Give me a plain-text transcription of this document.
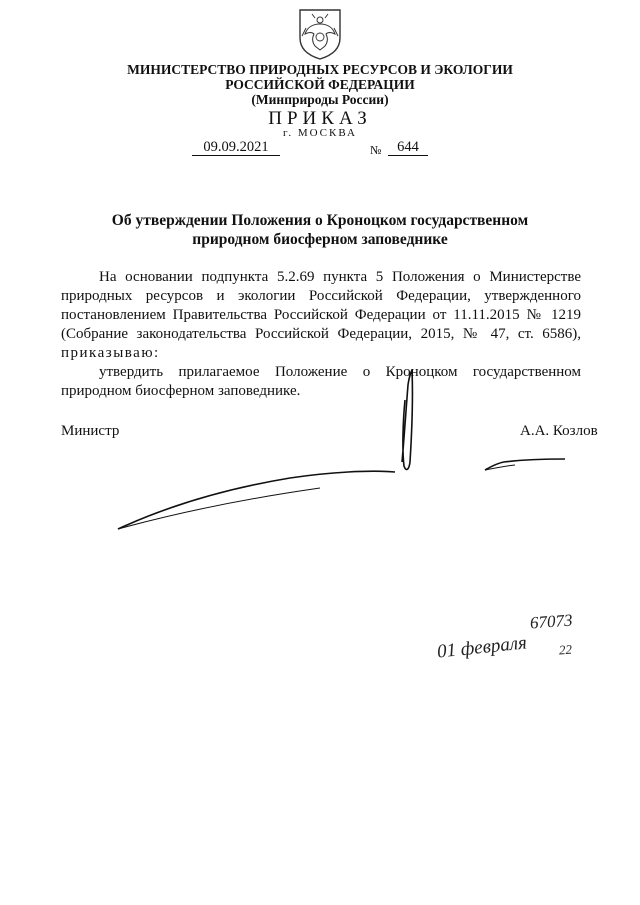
МИНИСТЕРСТВО ПРИРОДНЫХ РЕСУРСОВ И ЭКОЛОГИИ
РОССИЙСКОЙ ФЕДЕРАЦИИ
(Минприроды России)
ПРИКАЗ
г. МОСКВА
09.09.2021	№	644
Об утверждении Положения о Кроноцком государственном
природном биосферном заповеднике

На основании подпункта 5.2.69 пункта 5 Положения о Министерстве природных ресурсов и экологии Российской Федерации, утвержденного постановлением Правительства Российской Федерации от 11.11.2015 № 1219 (Собрание законодательства Российской Федерации, 2015, № 47, ст. 6586), приказываю:

утвердить прилагаемое Положение о Кроноцком государственном природном биосферном заповеднике.

Министр	А.А. Козлов
67073
01 февраля 22
